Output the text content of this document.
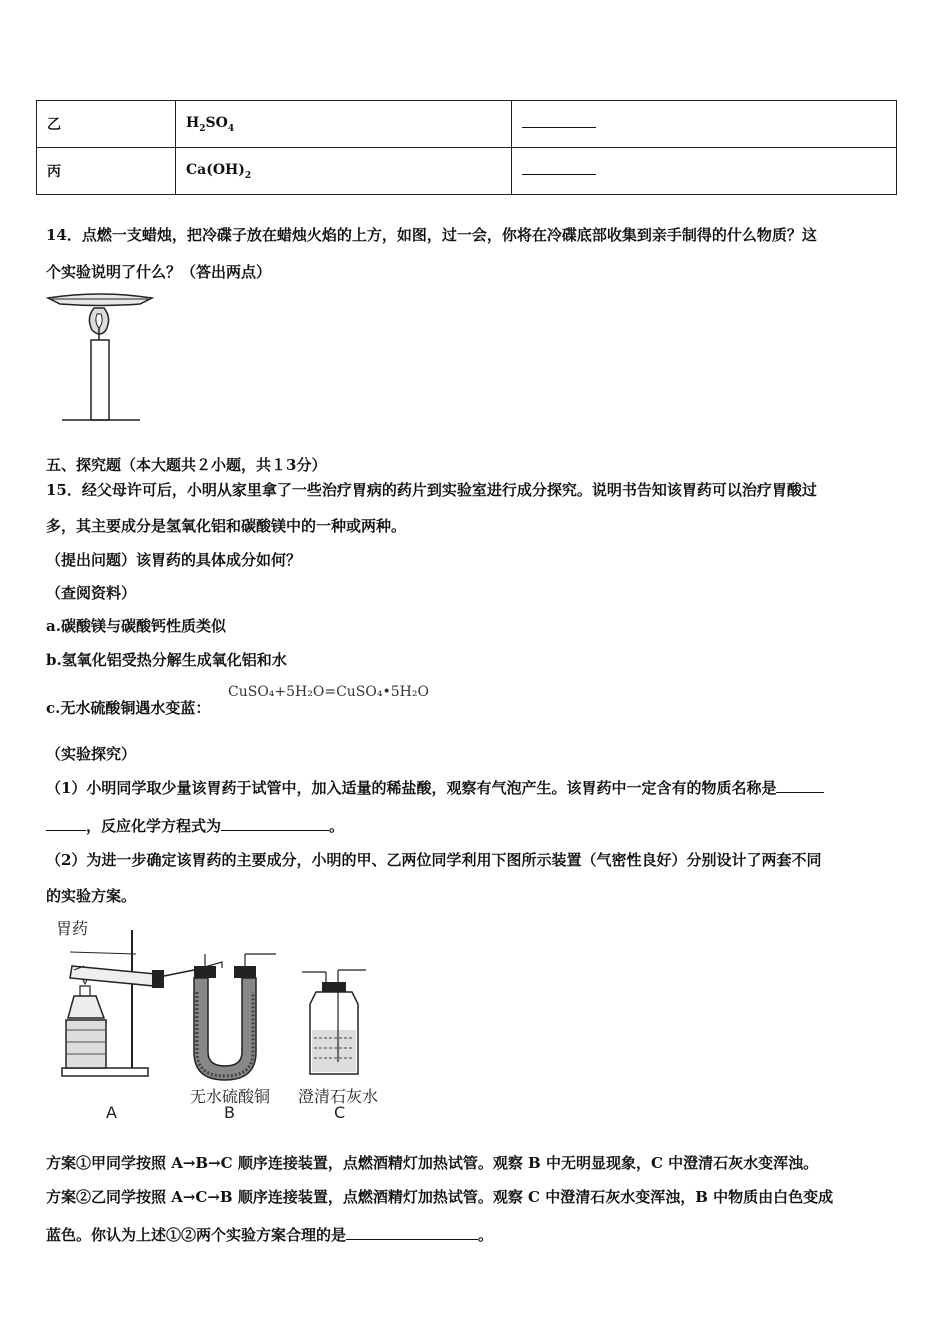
乙	$H_2SO_4$	
丙	$Ca(OH)_2$	
14．点燃一支蜡烛，把冷碟子放在蜡烛火焰的上方，如图，过一会，你将在冷碟底部收集到亲手制得的什么物质？这
个实验说明了什么？（答出两点）
五、探究题（本大题共２小题，共１3分）
15．经父母许可后，小明从家里拿了一些治疗胃病的药片到实验室进行成分探究。说明书告知该胃药可以治疗胃酸过
多，其主要成分是氢氧化铝和碳酸镁中的一种或两种。
（提出问题）该胃药的具体成分如何？
（查阅资料）
a.碳酸镁与碳酸钙性质类似
b.氢氧化铝受热分解生成氧化铝和水
c.无水硫酸铜遇水变蓝：
CuSO₄+5H₂O=CuSO₄•5H₂O
（实验探究）
（1）小明同学取少量该胃药于试管中，加入适量的稀盐酸，观察有气泡产生。该胃药中一定含有的物质名称是
，反应化学方程式为	。
（2）为进一步确定该胃药的主要成分，小明的甲、乙两位同学利用下图所示装置（气密性良好）分别设计了两套不同
的实验方案。
胃药
无水硫酸铜 澄清石灰水
A	B	C
方案①甲同学按照 A→B→C 顺序连接装置，点燃酒精灯加热试管。观察 B 中无明显现象，C 中澄清石灰水变浑浊。
方案②乙同学按照 A→C→B 顺序连接装置，点燃酒精灯加热试管。观察 C 中澄清石灰水变浑浊，B 中物质由白色变成
蓝色。你认为上述①②两个实验方案合理的是	。
